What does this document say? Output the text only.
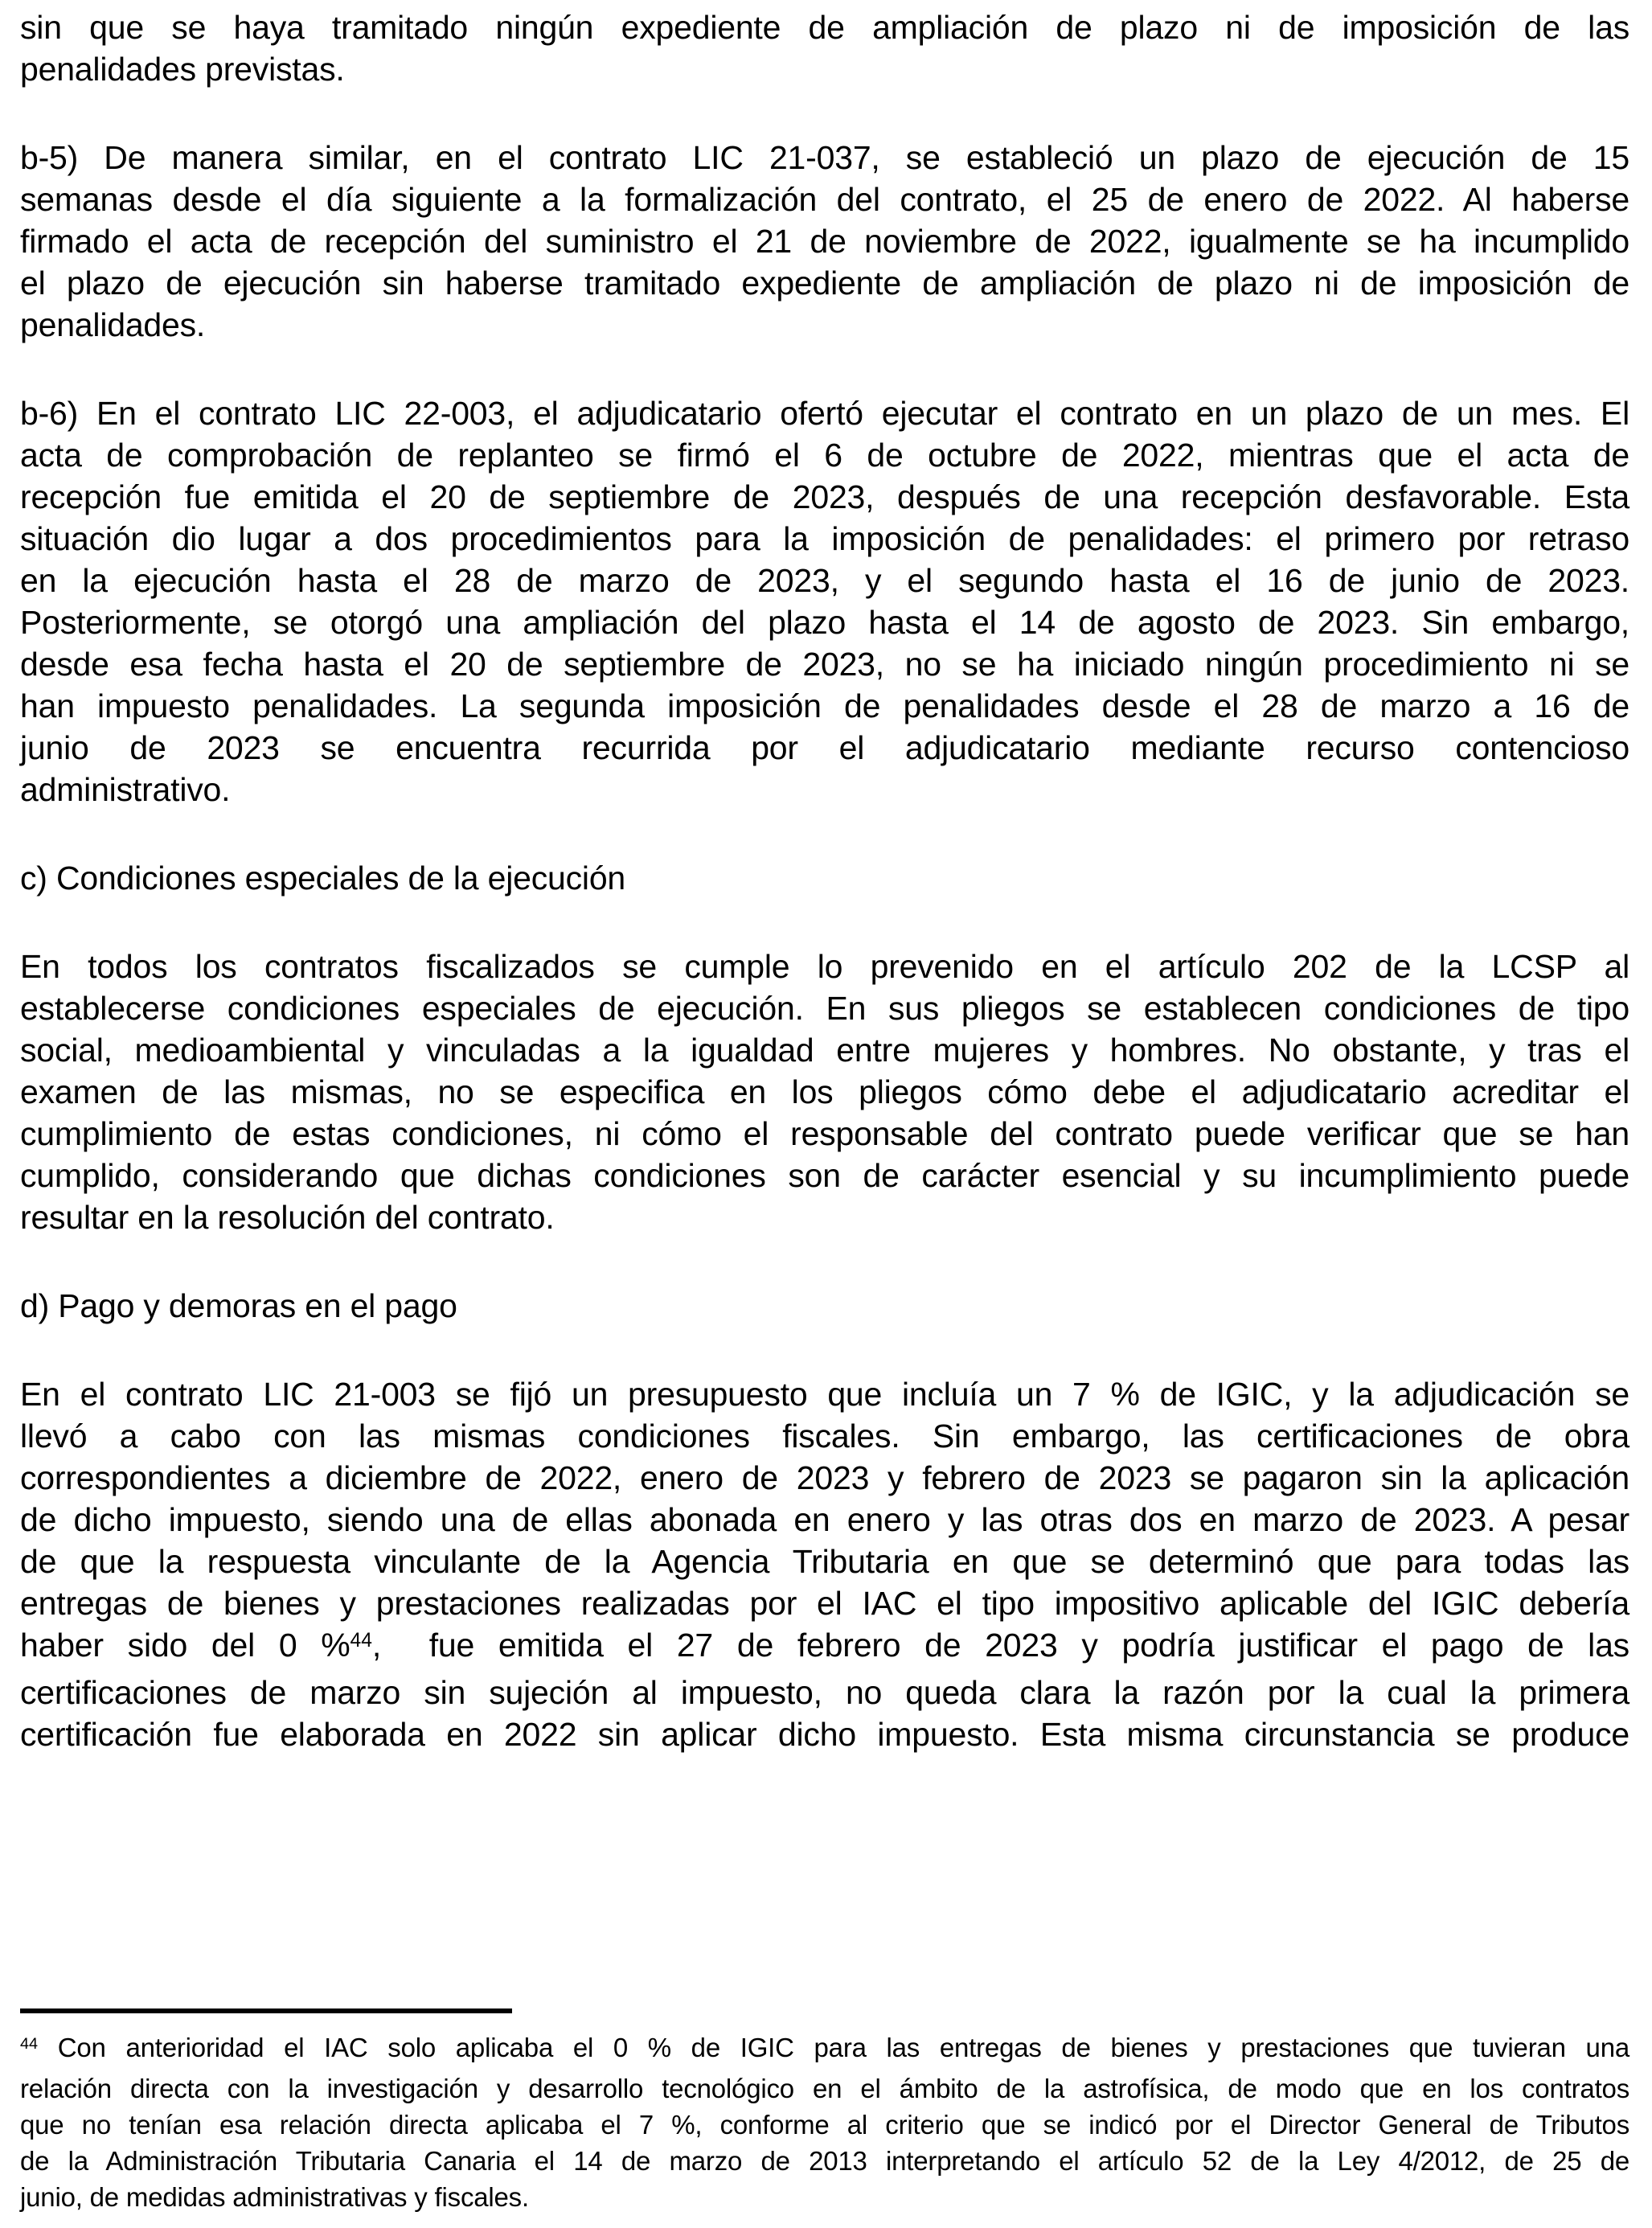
sin que se haya tramitado ningún expediente de ampliación de plazo ni de imposición de las
penalidades previstas.
b-5) De manera similar, en el contrato LIC 21-037, se estableció un plazo de ejecución de 15
semanas desde el día siguiente a la formalización del contrato, el 25 de enero de 2022. Al haberse
firmado el acta de recepción del suministro el 21 de noviembre de 2022, igualmente se ha incumplido
el plazo de ejecución sin haberse tramitado expediente de ampliación de plazo ni de imposición de
penalidades.
b-6) En el contrato LIC 22-003, el adjudicatario ofertó ejecutar el contrato en un plazo de un mes. El
acta de comprobación de replanteo se firmó el 6 de octubre de 2022, mientras que el acta de
recepción fue emitida el 20 de septiembre de 2023, después de una recepción desfavorable. Esta
situación dio lugar a dos procedimientos para la imposición de penalidades: el primero por retraso
en la ejecución hasta el 28 de marzo de 2023, y el segundo hasta el 16 de junio de 2023.
Posteriormente, se otorgó una ampliación del plazo hasta el 14 de agosto de 2023. Sin embargo,
desde esa fecha hasta el 20 de septiembre de 2023, no se ha iniciado ningún procedimiento ni se
han impuesto penalidades. La segunda imposición de penalidades desde el 28 de marzo a 16 de
junio de 2023 se encuentra recurrida por el adjudicatario mediante recurso contencioso
administrativo.
c) Condiciones especiales de la ejecución
En todos los contratos fiscalizados se cumple lo prevenido en el artículo 202 de la LCSP al
establecerse condiciones especiales de ejecución. En sus pliegos se establecen condiciones de tipo
social, medioambiental y vinculadas a la igualdad entre mujeres y hombres. No obstante, y tras el
examen de las mismas, no se especifica en los pliegos cómo debe el adjudicatario acreditar el
cumplimiento de estas condiciones, ni cómo el responsable del contrato puede verificar que se han
cumplido, considerando que dichas condiciones son de carácter esencial y su incumplimiento puede
resultar en la resolución del contrato.
d) Pago y demoras en el pago
En el contrato LIC 21-003 se fijó un presupuesto que incluía un 7 % de IGIC, y la adjudicación se
llevó a cabo con las mismas condiciones fiscales. Sin embargo, las certificaciones de obra
correspondientes a diciembre de 2022, enero de 2023 y febrero de 2023 se pagaron sin la aplicación
de dicho impuesto, siendo una de ellas abonada en enero y las otras dos en marzo de 2023. A pesar
de que la respuesta vinculante de la Agencia Tributaria en que se determinó que para todas las
entregas de bienes y prestaciones realizadas por el IAC el tipo impositivo aplicable del IGIC debería
haber sido del 0 %$^{44}$,  fue emitida el 27 de febrero de 2023 y podría justificar el pago de las
certificaciones de marzo sin sujeción al impuesto, no queda clara la razón por la cual la primera
certificación fue elaborada en 2022 sin aplicar dicho impuesto. Esta misma circunstancia se produce
$^{44}$ Con anterioridad el IAC solo aplicaba el 0 % de IGIC para las entregas de bienes y prestaciones que tuvieran una
relación directa con la investigación y desarrollo tecnológico en el ámbito de la astrofísica, de modo que en los contratos
que no tenían esa relación directa aplicaba el 7 %, conforme al criterio que se indicó por el Director General de Tributos
de la Administración Tributaria Canaria el 14 de marzo de 2013 interpretando el artículo 52 de la Ley 4/2012, de 25 de
junio, de medidas administrativas y fiscales.
